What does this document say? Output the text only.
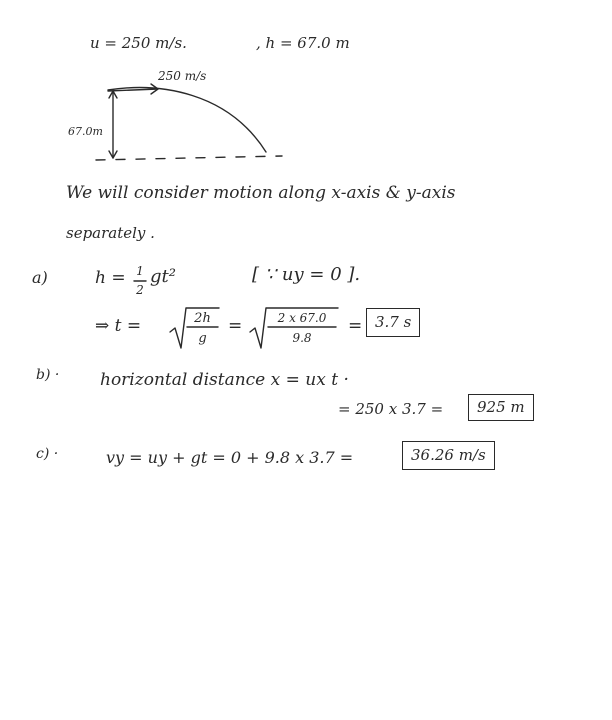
u = 250 m/s.	, h = 67.0 m
250 m/s
67.0m
We will consider motion along x-axis & y-axis
separately .
a)	h = 1
2
gt²	[ ∵ uy = 0 ].
⇒ t =	2h
g
=	2 x 67.0
9.8
= 3.7 s
b) · horizontal distance x = ux t ·
= 250 x 3.7 =	925 m
c) ·	vy = uy + gt = 0 + 9.8 x 3.7 =	36.26 m/s
